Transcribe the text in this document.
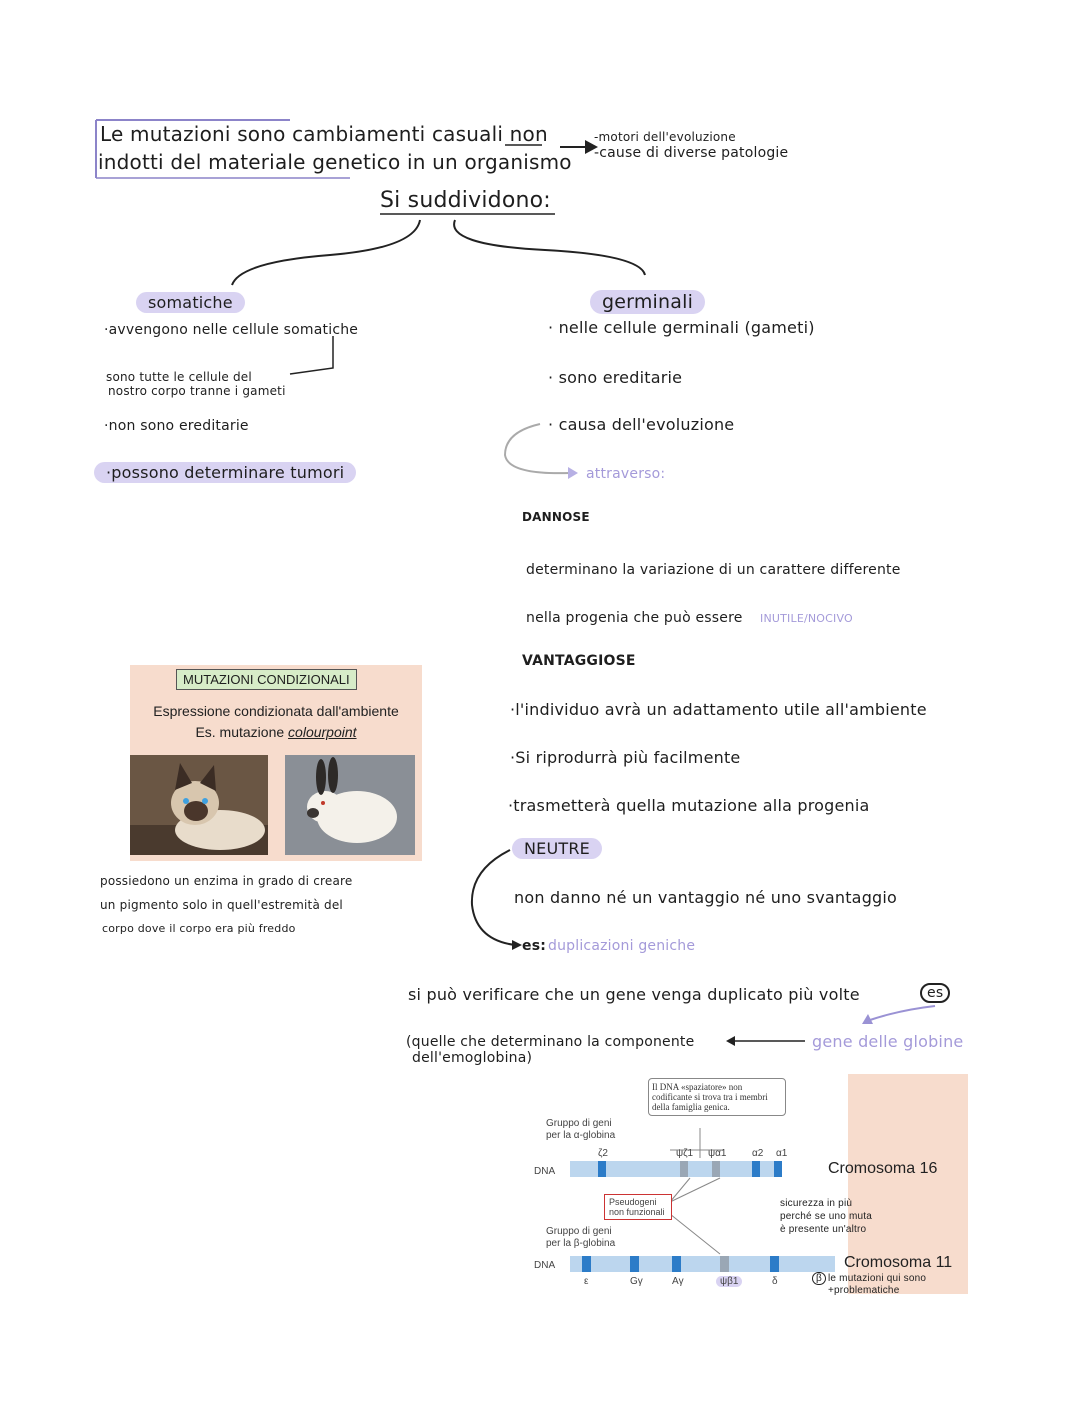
Le mutazioni sono cambiamenti casuali non
indotti del materiale genetico in un organismo
-motori dell'evoluzione
-cause di diverse patologie
Si suddividono:
somatiche
·avvengono nelle cellule somatiche
sono tutte le cellule del
nostro corpo tranne i gameti
·non sono ereditarie
·possono determinare tumori
germinali
· nelle cellule germinali (gameti)
· sono ereditarie
· causa dell'evoluzione
attraverso:
DANNOSE
determinano la variazione di un carattere differente
nella progenia che può essere INUTILE/NOCIVO
VANTAGGIOSE
·l'individuo avrà un adattamento utile all'ambiente
·Si riprodurrà più facilmente
·trasmetterà quella mutazione alla progenia
NEUTRE
non danno né un vantaggio né uno svantaggio
es: duplicazioni geniche
si può verificare che un gene venga duplicato più volte	es
gene delle globine
(quelle che determinano la componente
dell'emoglobina)
MUTAZIONI CONDIZIONALI
Espressione condizionata dall'ambiente
Es. mutazione colourpoint
possiedono un enzima in grado di creare
un pigmento solo in quell'estremità del
corpo dove il corpo era più freddo
Il DNA «spaziatore» non codificante si trova tra i membri della famiglia genica.
Gruppo di geni
per la α-globina
DNA	Cromosoma 16
ζ2	ψζ1 ψα1	α2 α1
Pseudogeni non funzionali
Gruppo di geni
per la β-globina
DNA	Cromosoma 11
ε	Gγ	Aγ	ψβ1	δ
sicurezza in più
perché se uno muta
è presente un'altro
β le mutazioni qui sono
+problematiche
